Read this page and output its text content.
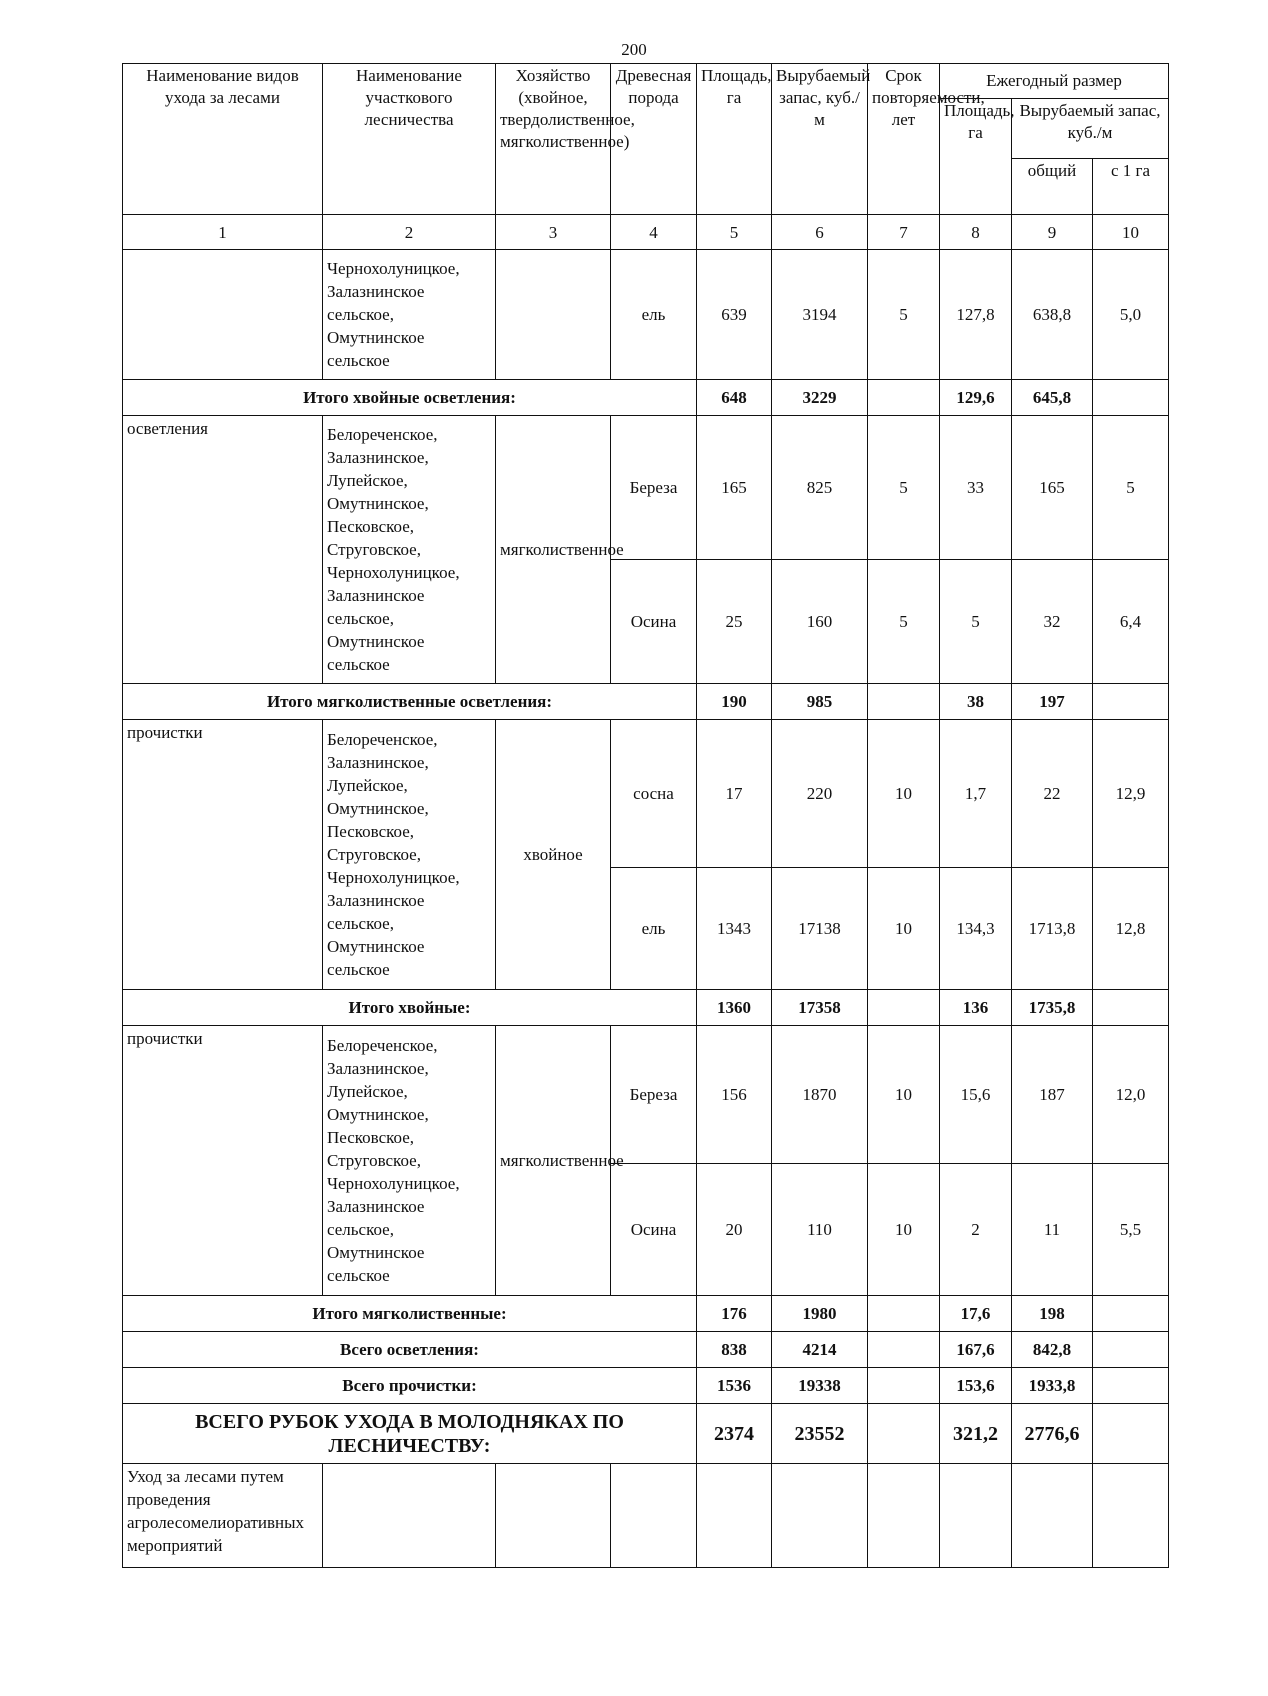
200
Наименование видов ухода за лесами	Наименование участкового лесничества	Хозяйство (хвойное, твердолиственное, мягколиственное)	Древесная порода	Площадь, га	Вырубаемый запас, куб./м	Срок повторяемости, лет	Ежегодный размер		
							Площадь, га	Вырубаемый запас, куб./м	
								общий	с 1 га
1	2	3	4	5	6	7	8	9	10
	Чернохолуницкое, Залазнинское сельское, Омутнинское сельское		ель	639	3194	5	127,8	638,8	5,0
Итого хвойные осветления:				648	3229		129,6	645,8	
осветления	Белореченское, Залазнинское, Лупейское, Омутнинское, Песковское, Струговское, Чернохолуницкое, Залазнинское сельское, Омутнинское сельское	мягколиственное	Береза	165	825	5	33	165	5
			Осина	25	160	5	5	32	6,4
Итого мягколиственные осветления:				190	985		38	197	
прочистки	Белореченское, Залазнинское, Лупейское, Омутнинское, Песковское, Струговское, Чернохолуницкое, Залазнинское сельское, Омутнинское сельское	хвойное	сосна	17	220	10	1,7	22	12,9
			ель	1343	17138	10	134,3	1713,8	12,8
Итого хвойные:				1360	17358		136	1735,8	
прочистки	Белореченское, Залазнинское, Лупейское, Омутнинское, Песковское, Струговское, Чернохолуницкое, Залазнинское сельское, Омутнинское сельское	мягколиственное	Береза	156	1870	10	15,6	187	12,0
			Осина	20	110	10	2	11	5,5
Итого мягколиственные:				176	1980		17,6	198	
Всего осветления:				838	4214		167,6	842,8	
Всего прочистки:				1536	19338		153,6	1933,8	
ВСЕГО РУБОК УХОДА В МОЛОДНЯКАХ ПО ЛЕСНИЧЕСТВУ:				2374	23552		321,2	2776,6	
Уход за лесами путем проведения агролесомелиоративных мероприятий									
